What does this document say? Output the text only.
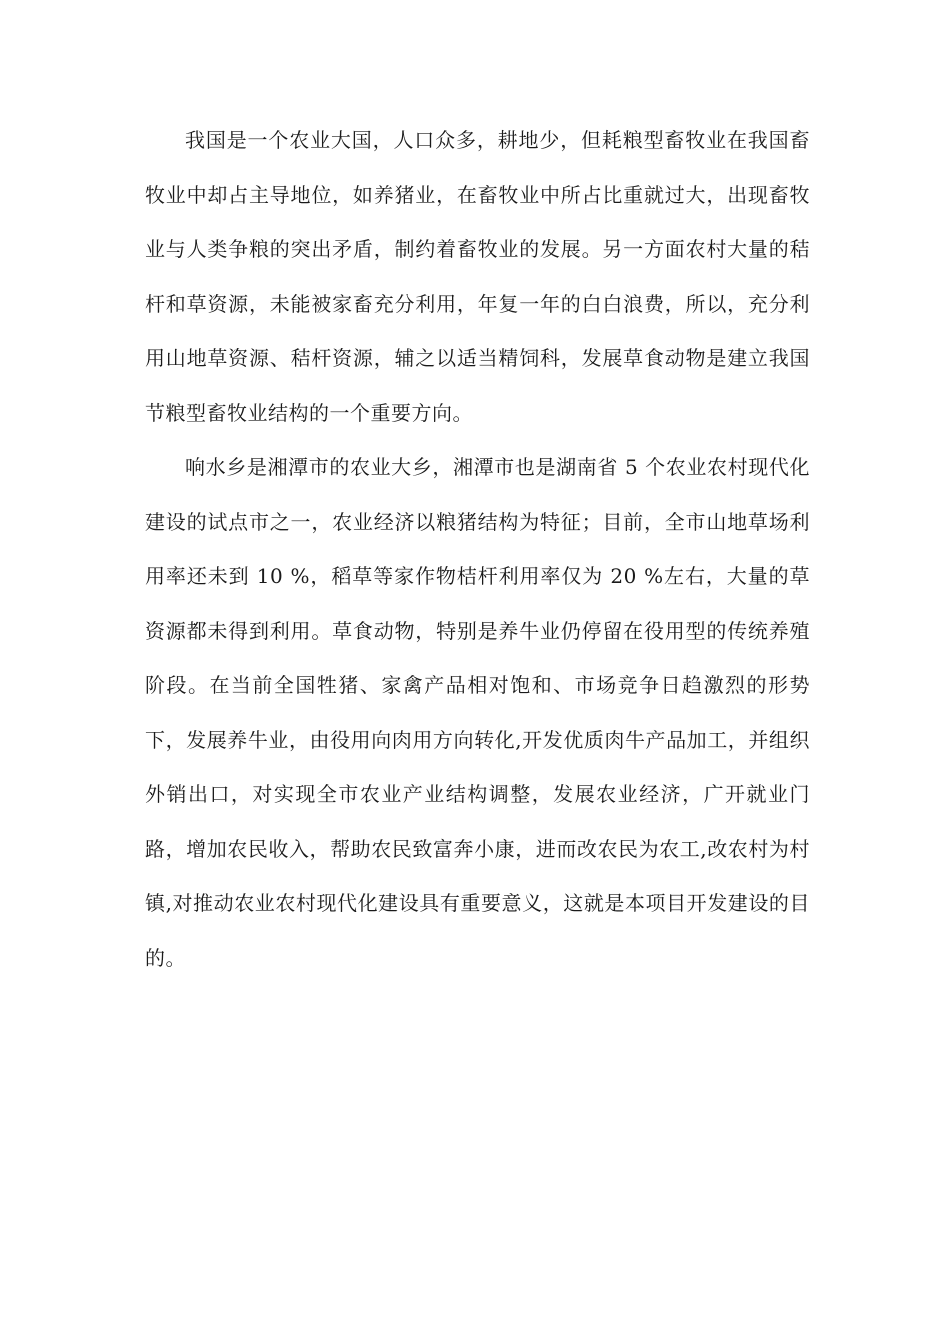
我国是一个农业大国，人口众多，耕地少，但耗粮型畜牧业在我国畜牧业中却占主导地位，如养猪业，在畜牧业中所占比重就过大，出现畜牧业与人类争粮的突出矛盾，制约着畜牧业的发展。另一方面农村大量的秸杆和草资源，未能被家畜充分利用，年复一年的白白浪费，所以，充分利用山地草资源、秸杆资源，辅之以适当精饲科，发展草食动物是建立我国节粮型畜牧业结构的一个重要方向。

响水乡是湘潭市的农业大乡，湘潭市也是湖南省 5 个农业农村现代化建设的试点市之一，农业经济以粮猪结构为特征；目前，全市山地草场利用率还未到 10 %，稻草等家作物桔杆利用率仅为 20 %左右，大量的草资源都未得到利用。草食动物，特别是养牛业仍停留在役用型的传统养殖阶段。在当前全国牲猪、家禽产品相对饱和、市场竞争日趋激烈的形势下，发展养牛业，由役用向肉用方向转化,开发优质肉牛产品加工，并组织外销出口，对实现全市农业产业结构调整，发展农业经济，广开就业门路，增加农民收入，帮助农民致富奔小康，进而改农民为农工,改农村为村镇,对推动农业农村现代化建设具有重要意义，这就是本项目开发建设的目的。
